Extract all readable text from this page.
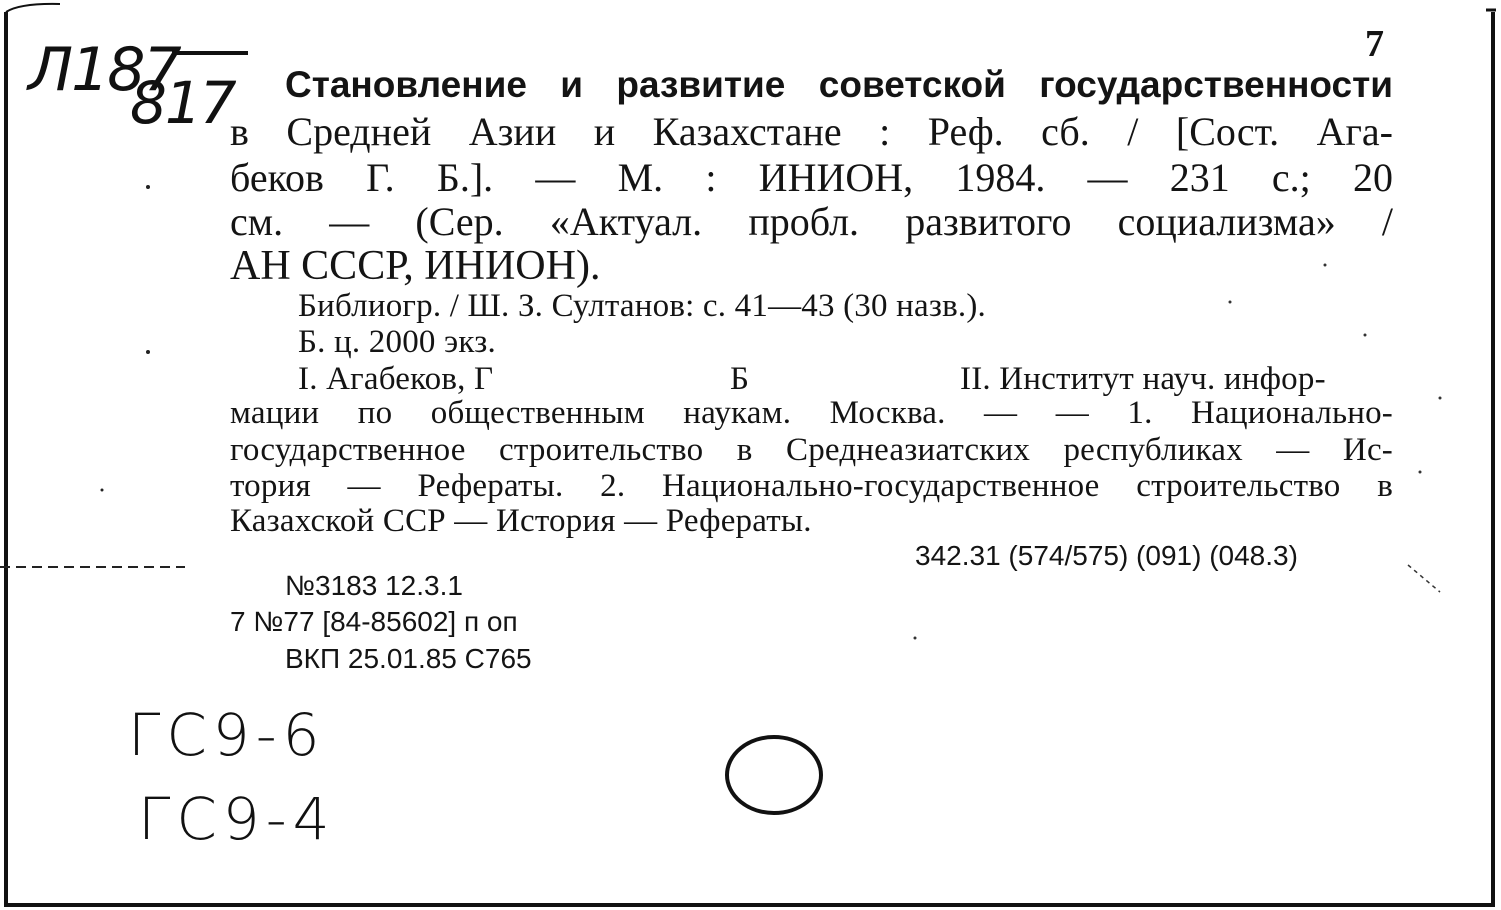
Л187
817
7
Становление и развитие советской государственности
в Средней Азии и Казахстане : Реф. сб. / [Сост. Ага-
беков Г. Б.]. — М. : ИНИОН, 1984. — 231 с.; 20
см. — (Сер. «Актуал. пробл. развитого социализма» /
АН СССР, ИНИОН).
Библиогр. / Ш. З. Султанов: с. 41—43 (30 назв.).
Б. ц. 2000 экз.
I. Агабеков, Г	Б	II. Институт науч. инфор-
мации по общественным наукам. Москва. — — 1. Национально-
государственное строительство в Среднеазиатских республиках — Ис-
тория — Рефераты. 2. Национально-государственное строительство в
Казахской ССР — История — Рефераты.
342.31 (574/575) (091) (048.3)
№3183 12.3.1
7 №77 [84-85602] п оп
ВКП 25.01.85 С765
ГС9-6
ГС9-4
